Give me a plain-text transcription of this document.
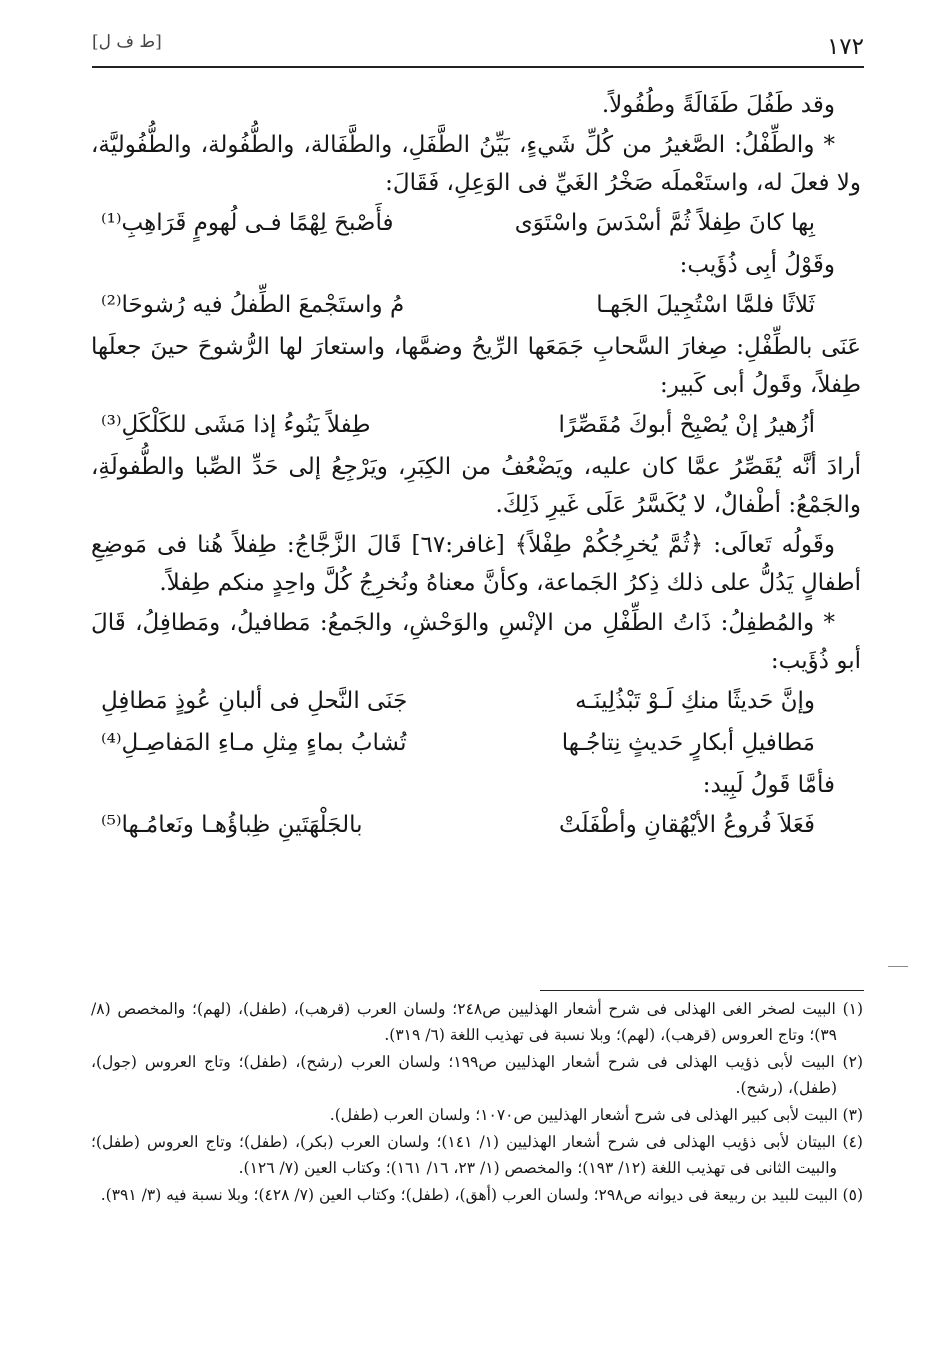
١٧٢
[ط ف ل]

وقد طَفُلَ طَفَالَةً وطُفُولاً.

* والطِّفْلُ: الصَّغيرُ من كُلِّ شَيءٍ، بَيِّنُ الطَّفَلِ، والطَّفَالة، والطُّفُولة، والطُّفُوليَّة، ولا فعلَ له، واستَعْملَه صَخْرُ الغَيِّ فى الوَعِلِ، فَقَالَ:

بِها كانَ طِفلاً ثُمَّ أسْدَسَ واسْتَوَى
فأَصْبحَ لِهْمًا فـى لُهومٍ قَرَاهِبِ⁽¹⁾

وقَوْلُ أبِى ذُؤَيب:

ثَلاثًا فلمَّا اسْتُجِيلَ الجَهـا
مُ واستَجْمعَ الطِّفلُ فيه رُشوحَا⁽²⁾

عَنَى بالطِّفْلِ: صِغارَ السَّحابِ جَمَعَها الرِّيحُ وضمَّها، واستعارَ لها الرُّشوحَ حينَ جعلَها طِفلاً، وقَولُ أبى كَبير:

أزُهيرُ إنْ يُصْبِحْ أبوكَ مُقَصِّرًا
طِفلاً يَنُوءُ إذا مَشَى للكَلْكَلِ⁽³⁾

أرادَ أنَّه يُقَصِّرُ عمَّا كان عليه، ويَضْعُفُ من الكِبَرِ، ويَرْجِعُ إلى حَدِّ الصِّبا والطُّفولَةِ، والجَمْعُ: أطْفالٌ، لا يُكَسَّرُ عَلَى غَيرِ ذَلِكَ.

وقَولُه تَعالَى: ﴿ثُمَّ يُخرِجُكُمْ طِفْلاً﴾ [غافر:٦٧] قَالَ الزَّجَّاجُ: طِفلاً هُنا فى مَوضِعِ أطفالٍ يَدُلُّ على ذلك ذِكرُ الجَماعة، وكأنَّ معناهُ ونُخرِجُ كُلَّ واحِدٍ منكم طِفلاً.

* والمُطفِلُ: ذَاتُ الطِّفْلِ من الإنْسِ والوَحْشِ، والجَمعُ: مَطافيلُ، ومَطافِلُ، قَالَ أبو ذُؤَيب:

وإنَّ حَديثًا منكِ لَـوْ تَبْذُلِينَـه
جَنَى النَّحلِ فى ألبانِ عُوذٍ مَطافِلِ
مَطافيلِ أبكارٍ حَديثٍ نِتاجُـها
تُشابُ بماءٍ مِثلِ مـاءِ المَفاصِـلِ⁽⁴⁾

فأمَّا قَولُ لَبِيد:

فَعَلاَ فُروعُ الأيْهُقانِ وأطْفَلَتْ
بالجَلْهَتَينِ ظِباؤُهـا ونَعامُـها⁽⁵⁾

(١) البيت لصخر الغى الهذلى فى شرح أشعار الهذليين ص٢٤٨؛ ولسان العرب (قرهب)، (طفل)، (لهم)؛ والمخصص (٨/ ٣٩)؛ وتاج العروس (قرهب)، (لهم)؛ وبلا نسبة فى تهذيب اللغة (٦/ ٣١٩).

(٢) البيت لأبى ذؤيب الهذلى فى شرح أشعار الهذليين ص١٩٩؛ ولسان العرب (رشح)، (طفل)؛ وتاج العروس (جول)، (طفل)، (رشح).

(٣) البيت لأبى كبير الهذلى فى شرح أشعار الهذليين ص١٠٧٠؛ ولسان العرب (طفل).

(٤) البيتان لأبى ذؤيب الهذلى فى شرح أشعار الهذليين (١/ ١٤١)؛ ولسان العرب (بكر)، (طفل)؛ وتاج العروس (طفل)؛ والبيت الثانى فى تهذيب اللغة (١٢/ ١٩٣)؛ والمخصص (١/ ٢٣، ١٦/ ١٦١)؛ وكتاب العين (٧/ ١٢٦).

(٥) البيت للبيد بن ربيعة فى ديوانه ص٢٩٨؛ ولسان العرب (أهق)، (طفل)؛ وكتاب العين (٧/ ٤٢٨)؛ وبلا نسبة فيه (٣/ ٣٩١).
